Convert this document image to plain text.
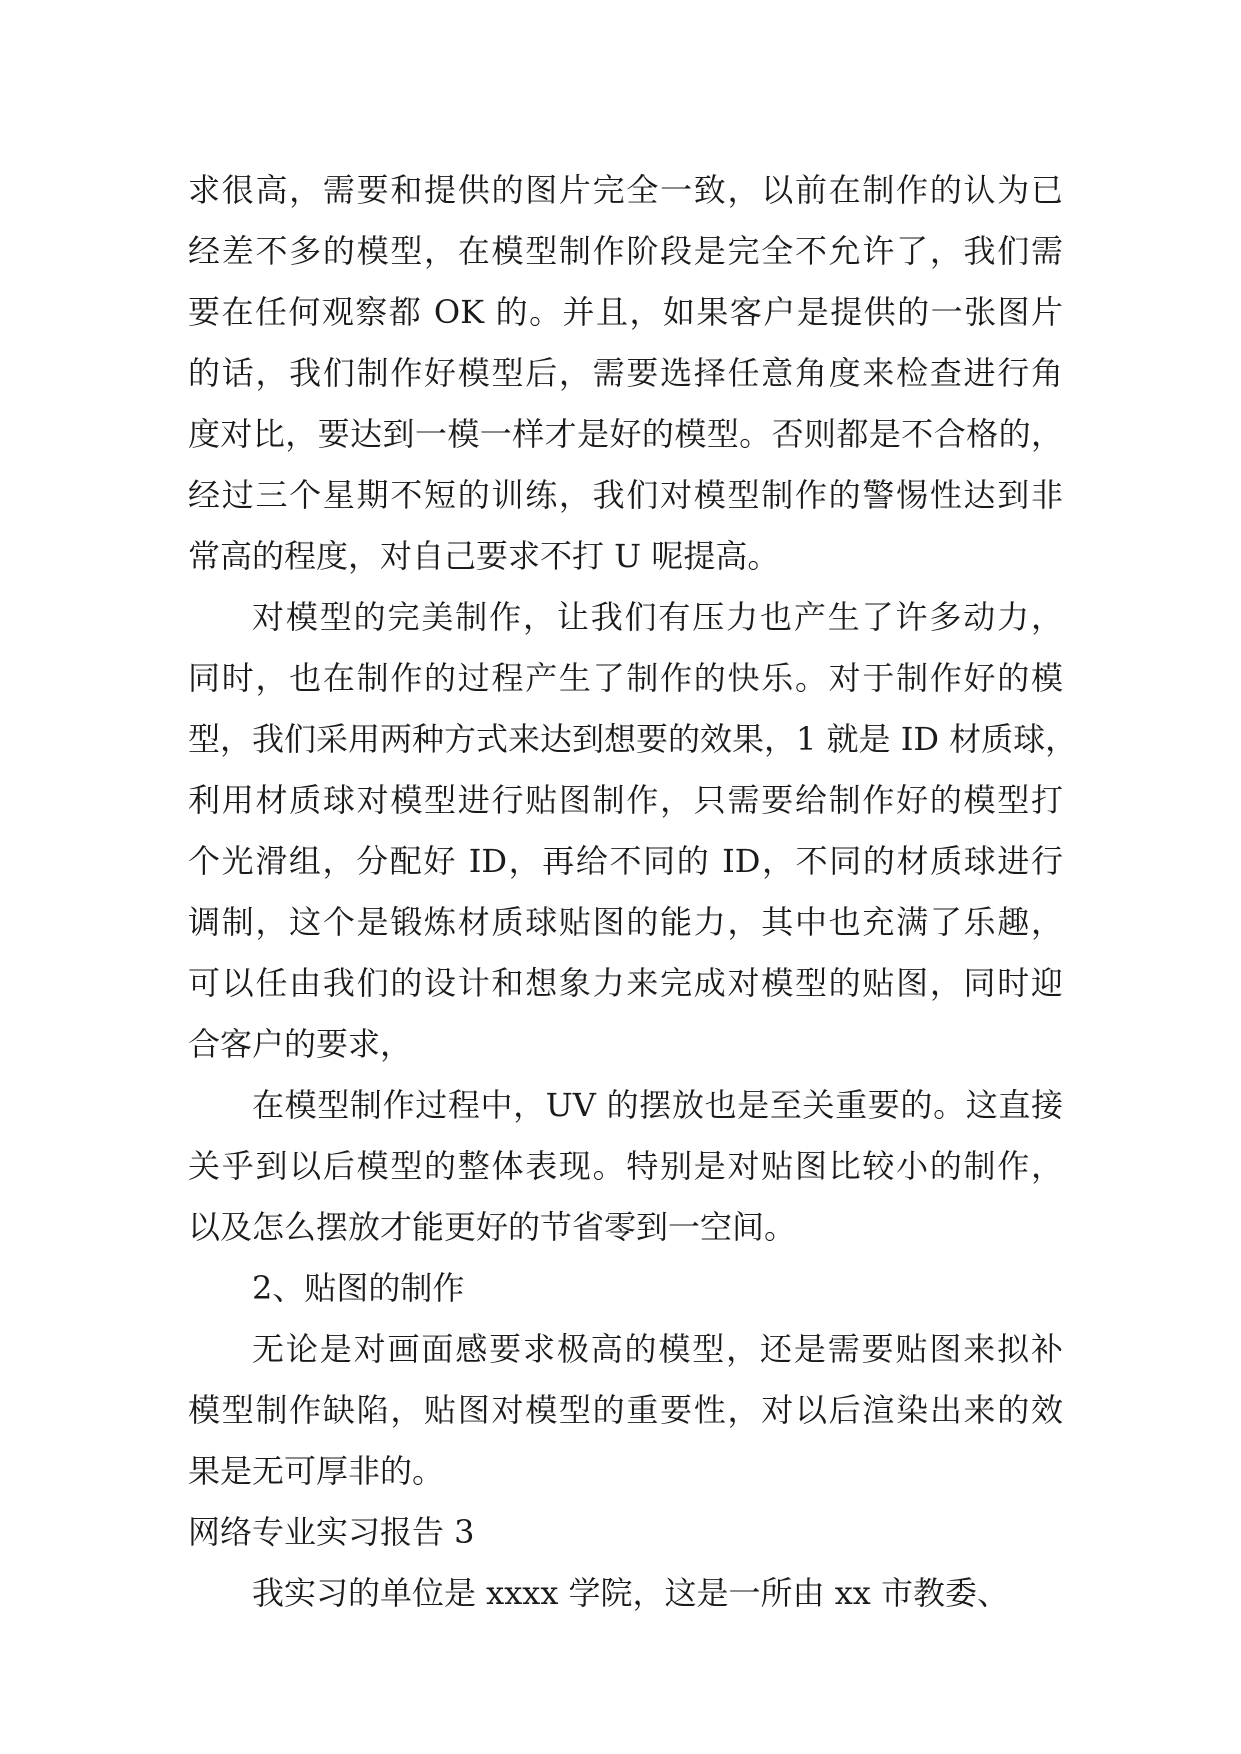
求很高，需要和提供的图片完全一致，以前在制作的认为已
经差不多的模型，在模型制作阶段是完全不允许了，我们需
要在任何观察都 OK 的。并且，如果客户是提供的一张图片
的话，我们制作好模型后，需要选择任意角度来检查进行角
度对比，要达到一模一样才是好的模型。否则都是不合格的，
经过三个星期不短的训练，我们对模型制作的警惕性达到非
常高的程度，对自己要求不打 U 呢提高。
对模型的完美制作，让我们有压力也产生了许多动力，
同时，也在制作的过程产生了制作的快乐。对于制作好的模
型，我们采用两种方式来达到想要的效果，1 就是 ID 材质球，
利用材质球对模型进行贴图制作，只需要给制作好的模型打
个光滑组，分配好 ID，再给不同的 ID，不同的材质球进行
调制，这个是锻炼材质球贴图的能力，其中也充满了乐趣，
可以任由我们的设计和想象力来完成对模型的贴图，同时迎
合客户的要求，
在模型制作过程中，UV 的摆放也是至关重要的。这直接
关乎到以后模型的整体表现。特别是对贴图比较小的制作，
以及怎么摆放才能更好的节省零到一空间。
2、贴图的制作
无论是对画面感要求极高的模型，还是需要贴图来拟补
模型制作缺陷，贴图对模型的重要性，对以后渲染出来的效
果是无可厚非的。
网络专业实习报告 3
我实习的单位是 xxxx 学院，这是一所由 xx 市教委、
